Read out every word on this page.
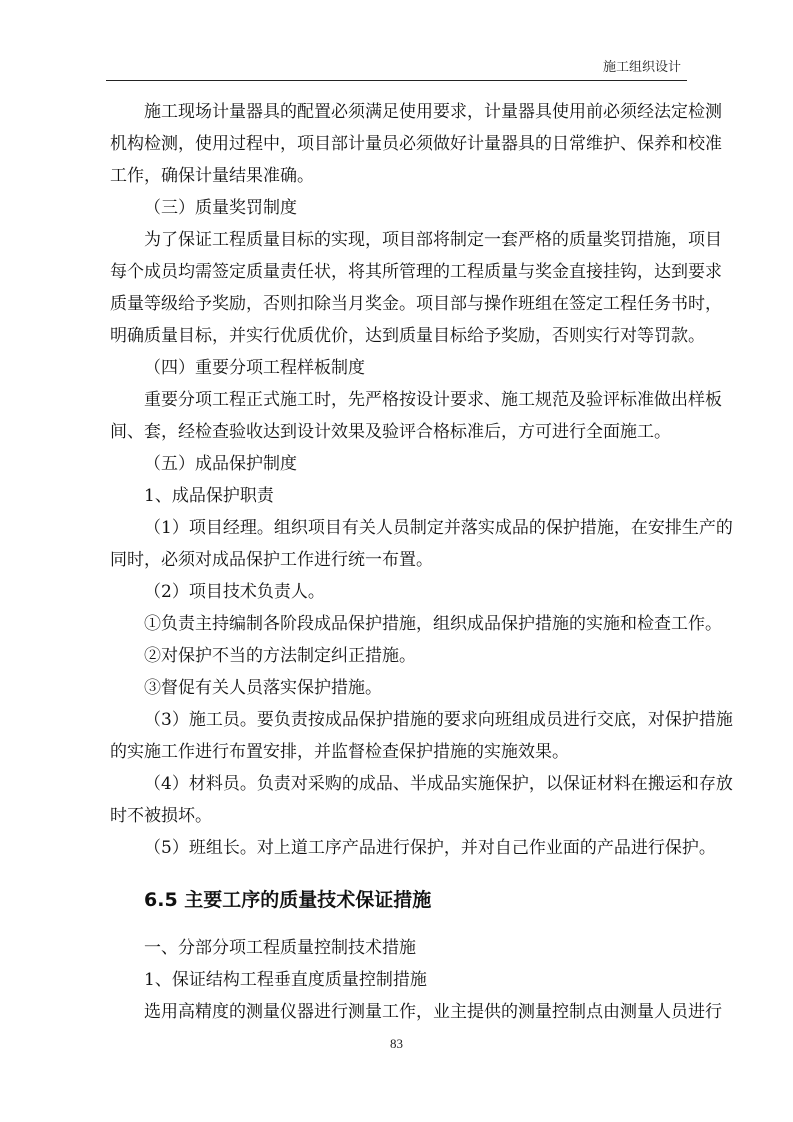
施工组织设计
施工现场计量器具的配置必须满足使用要求，计量器具使用前必须经法定检测
机构检测，使用过程中，项目部计量员必须做好计量器具的日常维护、保养和校准
工作，确保计量结果准确。
（三）质量奖罚制度
为了保证工程质量目标的实现，项目部将制定一套严格的质量奖罚措施，项目
每个成员均需签定质量责任状，将其所管理的工程质量与奖金直接挂钩，达到要求
质量等级给予奖励，否则扣除当月奖金。项目部与操作班组在签定工程任务书时，
明确质量目标，并实行优质优价，达到质量目标给予奖励，否则实行对等罚款。
（四）重要分项工程样板制度
重要分项工程正式施工时，先严格按设计要求、施工规范及验评标准做出样板
间、套，经检查验收达到设计效果及验评合格标准后，方可进行全面施工。
（五）成品保护制度
1、成品保护职责
（1）项目经理。组织项目有关人员制定并落实成品的保护措施，在安排生产的
同时，必须对成品保护工作进行统一布置。
（2）项目技术负责人。
①负责主持编制各阶段成品保护措施，组织成品保护措施的实施和检查工作。
②对保护不当的方法制定纠正措施。
③督促有关人员落实保护措施。
（3）施工员。要负责按成品保护措施的要求向班组成员进行交底，对保护措施
的实施工作进行布置安排，并监督检查保护措施的实施效果。
（4）材料员。负责对采购的成品、半成品实施保护，以保证材料在搬运和存放
时不被损坏。
（5）班组长。对上道工序产品进行保护，并对自己作业面的产品进行保护。
6.5 主要工序的质量技术保证措施
一、分部分项工程质量控制技术措施
1、保证结构工程垂直度质量控制措施
选用高精度的测量仪器进行测量工作，业主提供的测量控制点由测量人员进行
83
